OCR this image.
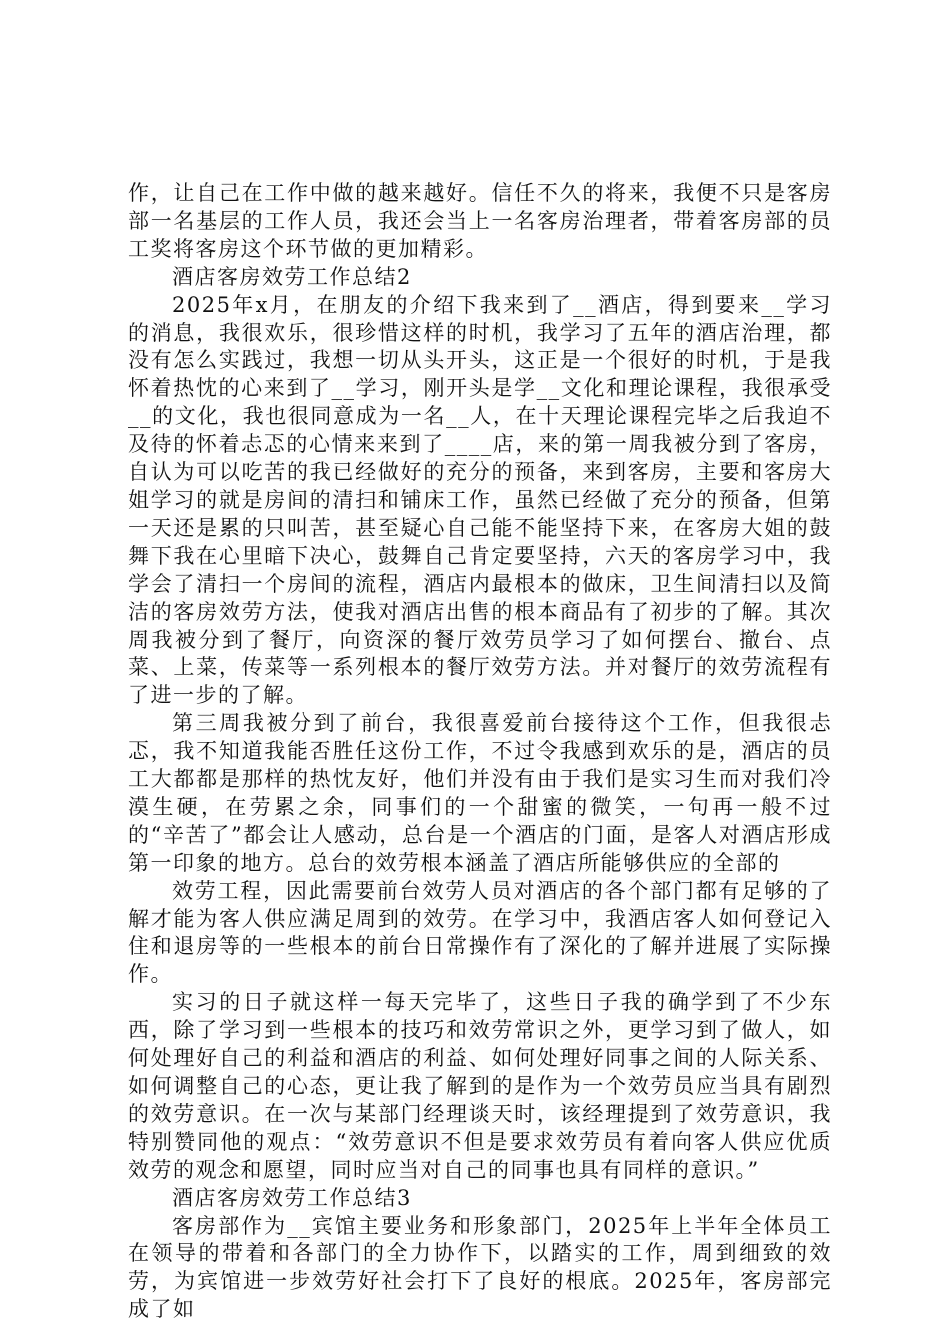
作，让自己在工作中做的越来越好。信任不久的将来，我便不只是客房部一名基层的工作人员，我还会当上一名客房治理者，带着客房部的员工奖将客房这个环节做的更加精彩。

酒店客房效劳工作总结2

2025年x月，在朋友的介绍下我来到了__酒店，得到要来__学习的消息，我很欢乐，很珍惜这样的时机，我学习了五年的酒店治理，都没有怎么实践过，我想一切从头开头，这正是一个很好的时机，于是我怀着热忱的心来到了__学习，刚开头是学__文化和理论课程，我很承受__的文化，我也很同意成为一名__人，在十天理论课程完毕之后我迫不及待的怀着忐忑的心情来来到了____店，来的第一周我被分到了客房，自认为可以吃苦的我已经做好的充分的预备，来到客房，主要和客房大姐学习的就是房间的清扫和铺床工作，虽然已经做了充分的预备，但第一天还是累的只叫苦，甚至疑心自己能不能坚持下来，在客房大姐的鼓舞下我在心里暗下决心，鼓舞自己肯定要坚持，六天的客房学习中，我学会了清扫一个房间的流程，酒店内最根本的做床，卫生间清扫以及简洁的客房效劳方法，使我对酒店出售的根本商品有了初步的了解。其次周我被分到了餐厅，向资深的餐厅效劳员学习了如何摆台、撤台、点菜、上菜，传菜等一系列根本的餐厅效劳方法。并对餐厅的效劳流程有了进一步的了解。

第三周我被分到了前台，我很喜爱前台接待这个工作，但我很忐忑，我不知道我能否胜任这份工作，不过令我感到欢乐的是，酒店的员工大都都是那样的热忱友好，他们并没有由于我们是实习生而对我们冷漠生硬，在劳累之余，同事们的一个甜蜜的微笑，一句再一般不过的“辛苦了”都会让人感动，总台是一个酒店的门面，是客人对酒店形成第一印象的地方。总台的效劳根本涵盖了酒店所能够供应的全部的

效劳工程，因此需要前台效劳人员对酒店的各个部门都有足够的了解才能为客人供应满足周到的效劳。在学习中，我酒店客人如何登记入住和退房等的一些根本的前台日常操作有了深化的了解并进展了实际操作。

实习的日子就这样一每天完毕了，这些日子我的确学到了不少东西，除了学习到一些根本的技巧和效劳常识之外，更学习到了做人，如何处理好自己的利益和酒店的利益、如何处理好同事之间的人际关系、如何调整自己的心态，更让我了解到的是作为一个效劳员应当具有剧烈的效劳意识。在一次与某部门经理谈天时，该经理提到了效劳意识，我特别赞同他的观点：“效劳意识不但是要求效劳员有着向客人供应优质效劳的观念和愿望，同时应当对自己的同事也具有同样的意识。”

酒店客房效劳工作总结3

客房部作为__宾馆主要业务和形象部门，2025年上半年全体员工在领导的带着和各部门的全力协作下，以踏实的工作，周到细致的效劳，为宾馆进一步效劳好社会打下了良好的根底。2025年，客房部完成了如
